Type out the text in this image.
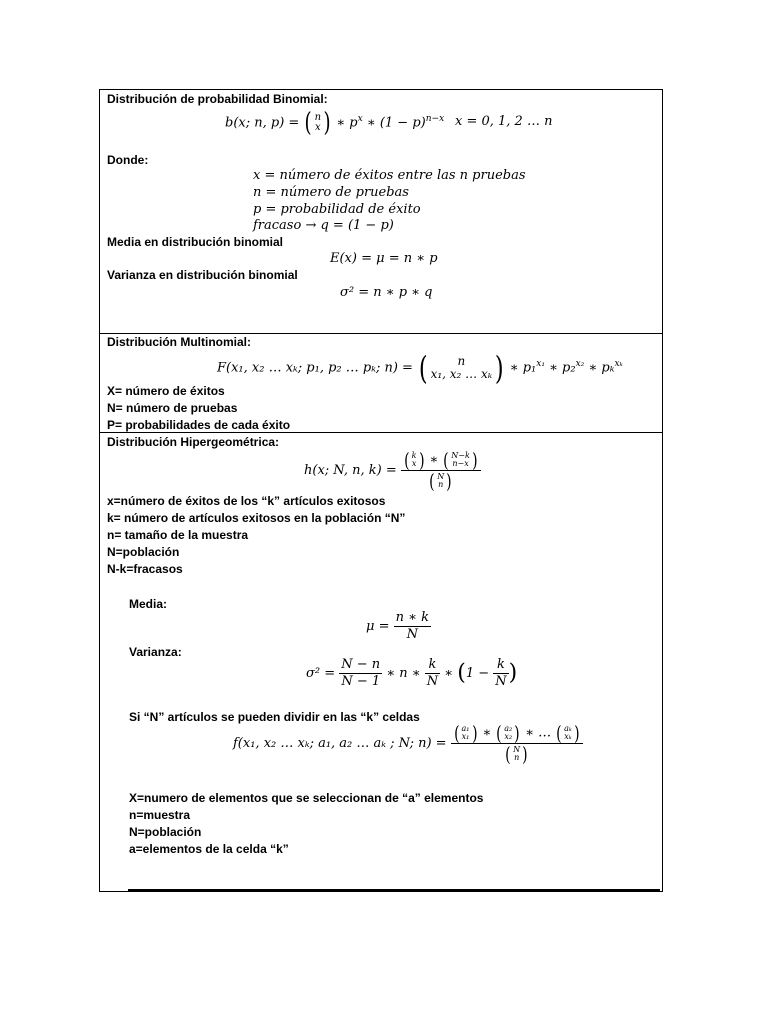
Distribución de probabilidad Binomial:
b(x; n, p) = ( n
x ) ∗ $p^x$ ∗ $(1 - p)^{n-x}$ x = 0, 1, 2 … n
Donde:
x = número de éxitos entre las n pruebas
n = número de pruebas
p = probabilidad de éxito
fracaso → q = (1 − p)
Media en distribución binomial
E(x) = μ = n ∗ p
Varianza en distribución binomial
σ² = n ∗ p ∗ q
Distribución Multinomial:
F(x₁, x₂ … xₖ; p₁, p₂ … pₖ; n) = ( n
x₁, x₂ … xₖ ) ∗ p₁$^{x_1}$ ∗ p₂$^{x_2}$ ∗ pₖ$^{x_k}$
X= número de éxitos
N= número de pruebas
P= probabilidades de cada éxito
Distribución Hipergeométrica:
h(x; N, n, k) = ( k
x ) ∗ ( N−k
n−x )
( N
n )
x=número de éxitos de los “k” artículos exitosos
k= número de artículos exitosos en la población “N”
n= tamaño de la muestra
N=población
N-k=fracasos
Media:
$\mu = \frac{n ∗ k}{N}$
Varianza:
$\sigma^2 = \frac{N - n}{N - 1}$ ∗ n ∗ $\frac{k}{N}$ ∗ ($1 - \frac{k}{N}$ )
Si “N” artículos se pueden dividir en las “k” celdas
f(x₁, x₂ … xₖ; a₁, a₂ … aₖ ; N; n) = ( a₁
x₁ ) ∗ ( a₂
x₂ ) ∗ … ( aₖ
xₖ )
( N
n )
X=numero de elementos que se seleccionan de “a” elementos
n=muestra
N=población
a=elementos de la celda “k”
